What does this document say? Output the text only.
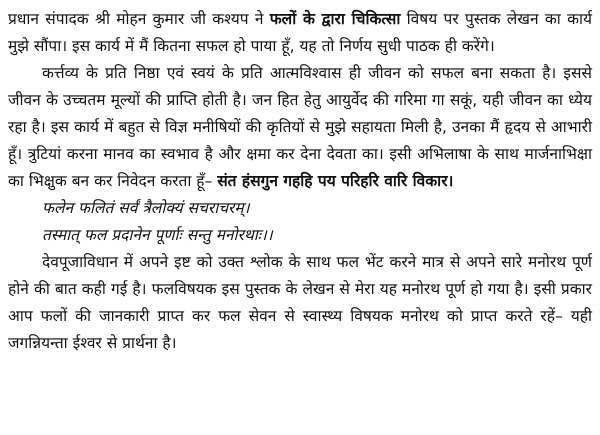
प्रधान संपादक श्री मोहन कुमार जी कश्यप ने फलों के द्वारा चिकित्सा विषय पर पुस्तक लेखन का कार्य मुझे सौंपा। इस कार्य में मैं कितना सफल हो पाया हूँ, यह तो निर्णय सुधी पाठक ही करेंगे।

कर्त्तव्य के प्रति निष्ठा एवं स्वयं के प्रति आत्मविश्वास ही जीवन को सफल बना सकता है। इससे जीवन के उच्चतम मूल्यों की प्राप्ति होती है। जन हित हेतु आयुर्वेद की गरिमा गा सकूं, यही जीवन का ध्येय रहा है। इस कार्य में बहुत से विज्ञ मनीषियों की कृतियों से मुझे सहायता मिली है, उनका मैं हृदय से आभारी हूँ। त्रुटियां करना मानव का स्वभाव है और क्षमा कर देना देवता का। इसी अभिलाषा के साथ मार्जनाभिक्षा का भिक्षुक बन कर निवेदन करता हूँ– संत हंसगुन गहहि पय परिहरि वारि विकार।

फलेन फलितं सर्वं त्रैलोक्यं सचराचरम्।
तस्मात् फल प्रदानेन पूर्णाः सन्तु मनोरथाः।।

देवपूजाविधान में अपने इष्ट को उक्त श्लोक के साथ फल भेंट करने मात्र से अपने सारे मनोरथ पूर्ण होने की बात कही गई है। फलविषयक इस पुस्तक के लेखन से मेरा यह मनोरथ पूर्ण हो गया है। इसी प्रकार आप फलों की जानकारी प्राप्त कर फल सेवन से स्वास्थ्य विषयक मनोरथ को प्राप्त करते रहें– यही जगन्नियन्ता ईश्वर से प्रार्थना है।
